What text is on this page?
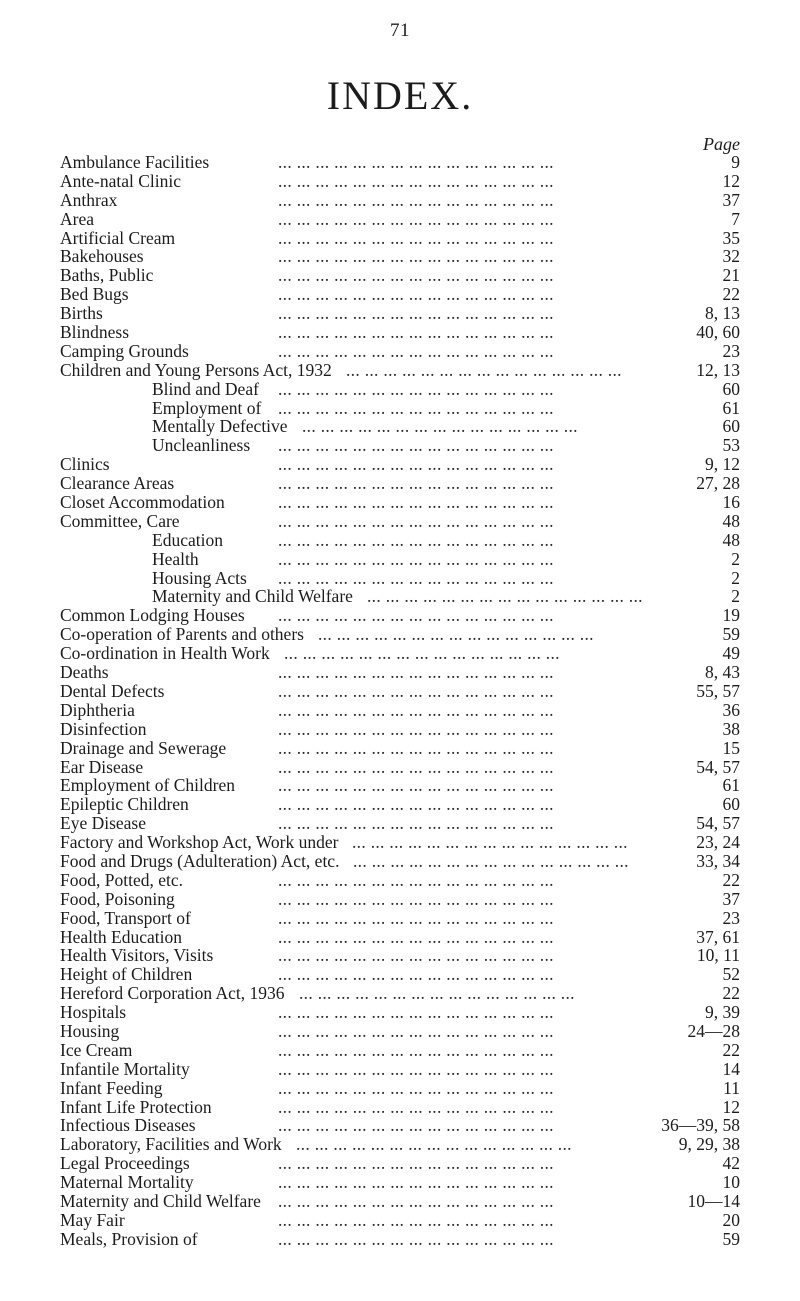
71
INDEX.
Page
... ... ... ... ... ... ... ... ... ... ... ... ... ... ...
Ambulance Facilities	9
... ... ... ... ... ... ... ... ... ... ... ... ... ... ...
Ante-natal Clinic	12
... ... ... ... ... ... ... ... ... ... ... ... ... ... ...
Anthrax	37
... ... ... ... ... ... ... ... ... ... ... ... ... ... ...
Area	7
... ... ... ... ... ... ... ... ... ... ... ... ... ... ...
Artificial Cream	35
... ... ... ... ... ... ... ... ... ... ... ... ... ... ...
Bakehouses	32
... ... ... ... ... ... ... ... ... ... ... ... ... ... ...
Baths, Public	21
... ... ... ... ... ... ... ... ... ... ... ... ... ... ...
Bed Bugs	22
... ... ... ... ... ... ... ... ... ... ... ... ... ... ...
Births	8, 13
... ... ... ... ... ... ... ... ... ... ... ... ... ... ...
Blindness	40, 60
... ... ... ... ... ... ... ... ... ... ... ... ... ... ...
Camping Grounds	23
... ... ... ... ... ... ... ... ... ... ... ... ... ... ...
Children and Young Persons Act, 1932	12, 13
... ... ... ... ... ... ... ... ... ... ... ... ... ... ...
Blind and Deaf	60
... ... ... ... ... ... ... ... ... ... ... ... ... ... ...
Employment of	61
... ... ... ... ... ... ... ... ... ... ... ... ... ... ...
Mentally Defective	60
... ... ... ... ... ... ... ... ... ... ... ... ... ... ...
Uncleanliness	53
... ... ... ... ... ... ... ... ... ... ... ... ... ... ...
Clinics	9, 12
... ... ... ... ... ... ... ... ... ... ... ... ... ... ...
Clearance Areas	27, 28
... ... ... ... ... ... ... ... ... ... ... ... ... ... ...
Closet Accommodation	16
... ... ... ... ... ... ... ... ... ... ... ... ... ... ...
Committee, Care	48
... ... ... ... ... ... ... ... ... ... ... ... ... ... ...
Education	48
... ... ... ... ... ... ... ... ... ... ... ... ... ... ...
Health	2
... ... ... ... ... ... ... ... ... ... ... ... ... ... ...
Housing Acts	2
... ... ... ... ... ... ... ... ... ... ... ... ... ... ...
Maternity and Child Welfare	2
... ... ... ... ... ... ... ... ... ... ... ... ... ... ...
Common Lodging Houses	19
... ... ... ... ... ... ... ... ... ... ... ... ... ... ...
Co-operation of Parents and others	59
... ... ... ... ... ... ... ... ... ... ... ... ... ... ...
Co-ordination in Health Work	49
... ... ... ... ... ... ... ... ... ... ... ... ... ... ...
Deaths	8, 43
... ... ... ... ... ... ... ... ... ... ... ... ... ... ...
Dental Defects	55, 57
... ... ... ... ... ... ... ... ... ... ... ... ... ... ...
Diphtheria	36
... ... ... ... ... ... ... ... ... ... ... ... ... ... ...
Disinfection	38
... ... ... ... ... ... ... ... ... ... ... ... ... ... ...
Drainage and Sewerage	15
... ... ... ... ... ... ... ... ... ... ... ... ... ... ...
Ear Disease	54, 57
... ... ... ... ... ... ... ... ... ... ... ... ... ... ...
Employment of Children	61
... ... ... ... ... ... ... ... ... ... ... ... ... ... ...
Epileptic Children	60
... ... ... ... ... ... ... ... ... ... ... ... ... ... ...
Eye Disease	54, 57
... ... ... ... ... ... ... ... ... ... ... ... ... ... ...
Factory and Workshop Act, Work under	23, 24
... ... ... ... ... ... ... ... ... ... ... ... ... ... ...
Food and Drugs (Adulteration) Act, etc.	33, 34
... ... ... ... ... ... ... ... ... ... ... ... ... ... ...
Food, Potted, etc.	22
... ... ... ... ... ... ... ... ... ... ... ... ... ... ...
Food, Poisoning	37
... ... ... ... ... ... ... ... ... ... ... ... ... ... ...
Food, Transport of	23
... ... ... ... ... ... ... ... ... ... ... ... ... ... ...
Health Education	37, 61
... ... ... ... ... ... ... ... ... ... ... ... ... ... ...
Health Visitors, Visits	10, 11
... ... ... ... ... ... ... ... ... ... ... ... ... ... ...
Height of Children	52
... ... ... ... ... ... ... ... ... ... ... ... ... ... ...
Hereford Corporation Act, 1936	22
... ... ... ... ... ... ... ... ... ... ... ... ... ... ...
Hospitals	9, 39
... ... ... ... ... ... ... ... ... ... ... ... ... ... ...
Housing	24—28
... ... ... ... ... ... ... ... ... ... ... ... ... ... ...
Ice Cream	22
... ... ... ... ... ... ... ... ... ... ... ... ... ... ...
Infantile Mortality	14
... ... ... ... ... ... ... ... ... ... ... ... ... ... ...
Infant Feeding	11
... ... ... ... ... ... ... ... ... ... ... ... ... ... ...
Infant Life Protection	12
... ... ... ... ... ... ... ... ... ... ... ... ... ... ...
Infectious Diseases	36—39, 58
... ... ... ... ... ... ... ... ... ... ... ... ... ... ...
Laboratory, Facilities and Work	9, 29, 38
... ... ... ... ... ... ... ... ... ... ... ... ... ... ...
Legal Proceedings	42
... ... ... ... ... ... ... ... ... ... ... ... ... ... ...
Maternal Mortality	10
... ... ... ... ... ... ... ... ... ... ... ... ... ... ...
Maternity and Child Welfare	10—14
... ... ... ... ... ... ... ... ... ... ... ... ... ... ...
May Fair	20
... ... ... ... ... ... ... ... ... ... ... ... ... ... ...
Meals, Provision of	59
